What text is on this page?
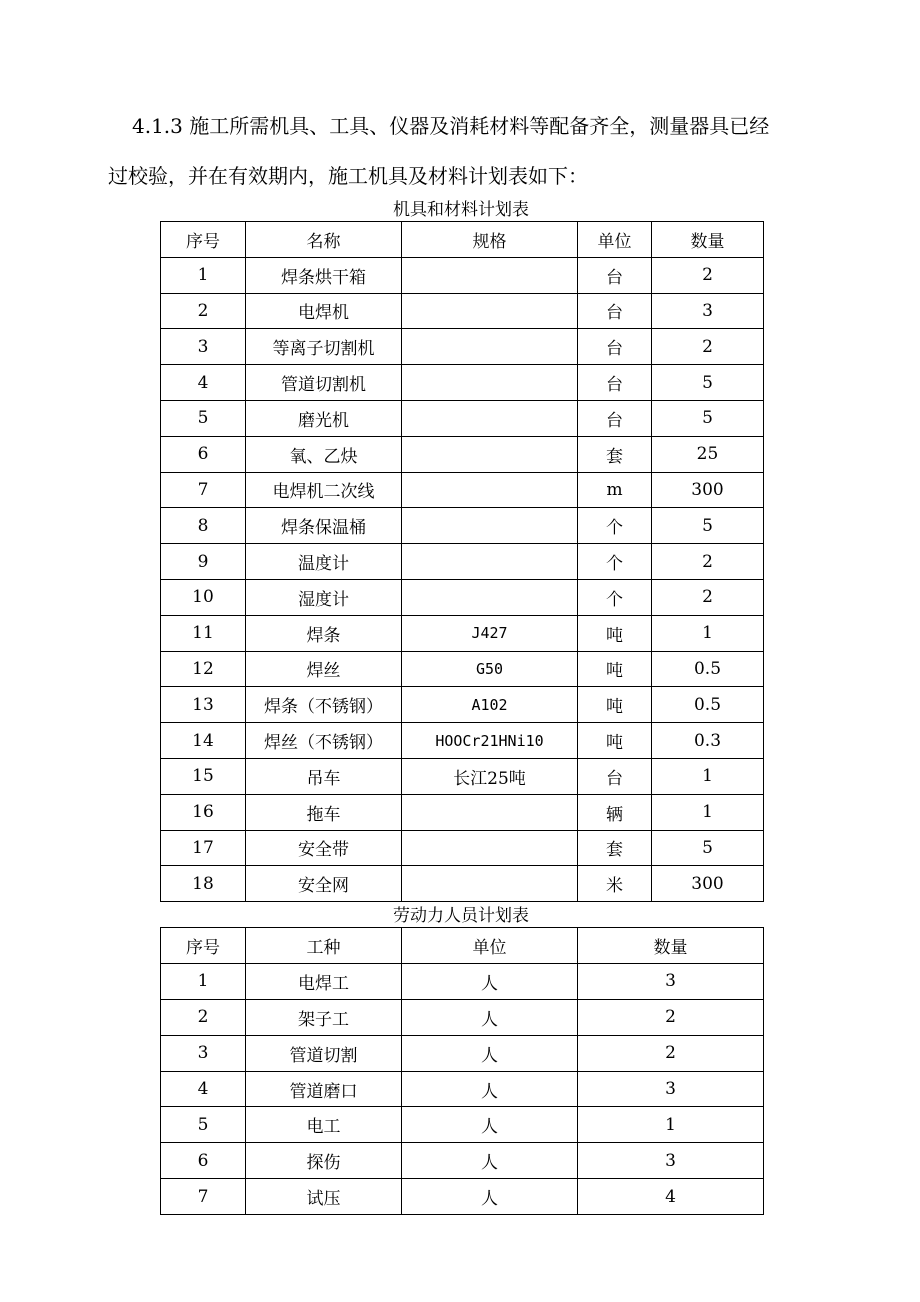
4.1.3 施工所需机具、工具、仪器及消耗材料等配备齐全，测量器具已经
过校验，并在有效期内，施工机具及材料计划表如下：

机具和材料计划表
序号	名称	规格	单位	数量
1	焊条烘干箱		台	2
2	电焊机		台	3
3	等离子切割机		台	2
4	管道切割机		台	5
5	磨光机		台	5
6	氧、乙炔		套	25
7	电焊机二次线		m	300
8	焊条保温桶		个	5
9	温度计		个	2
10	湿度计		个	2
11	焊条	J427	吨	1
12	焊丝	G50	吨	0.5
13	焊条（不锈钢）	A102	吨	0.5
14	焊丝（不锈钢）	HOOCr21HNi10	吨	0.3
15	吊车	长江25吨	台	1
16	拖车		辆	1
17	安全带		套	5
18	安全网		米	300
劳动力人员计划表
序号	工种	单位	数量
1	电焊工	人	3
2	架子工	人	2
3	管道切割	人	2
4	管道磨口	人	3
5	电工	人	1
6	探伤	人	3
7	试压	人	4
